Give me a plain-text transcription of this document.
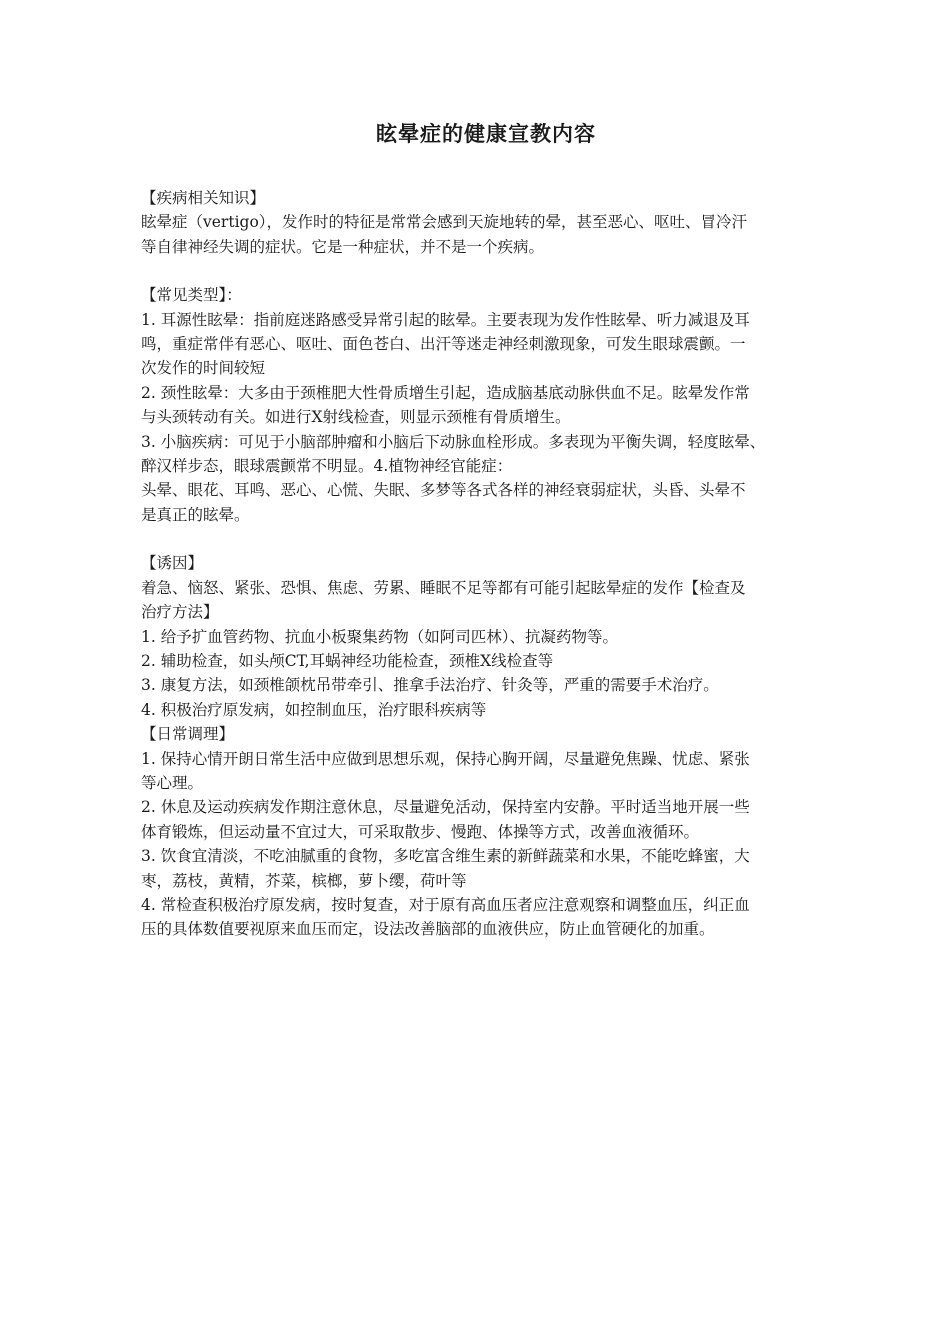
眩晕症的健康宣教内容

【疾病相关知识】

眩晕症（vertigo），发作时的特征是常常会感到天旋地转的晕，甚至恶心、呕吐、冒冷汗

等自律神经失调的症状。它是一种症状，并不是一个疾病。

【常见类型】：

1. 耳源性眩晕：指前庭迷路感受异常引起的眩晕。主要表现为发作性眩晕、听力减退及耳

鸣，重症常伴有恶心、呕吐、面色苍白、出汗等迷走神经刺激现象，可发生眼球震颤。一

次发作的时间较短

2. 颈性眩晕：大多由于颈椎肥大性骨质增生引起，造成脑基底动脉供血不足。眩晕发作常

与头颈转动有关。如进行X射线检查，则显示颈椎有骨质增生。

3. 小脑疾病：可见于小脑部肿瘤和小脑后下动脉血栓形成。多表现为平衡失调，轻度眩晕、

醉汉样步态，眼球震颤常不明显。4.植物神经官能症：

头晕、眼花、耳鸣、恶心、心慌、失眠、多梦等各式各样的神经衰弱症状，头昏、头晕不

是真正的眩晕。

【诱因】

着急、恼怒、紧张、恐惧、焦虑、劳累、睡眠不足等都有可能引起眩晕症的发作【检查及

治疗方法】

1. 给予扩血管药物、抗血小板聚集药物（如阿司匹林）、抗凝药物等。

2. 辅助检查，如头颅CT,耳蜗神经功能检查，颈椎X线检查等

3. 康复方法，如颈椎颌枕吊带牵引、推拿手法治疗、针灸等，严重的需要手术治疗。

4. 积极治疗原发病，如控制血压，治疗眼科疾病等

【日常调理】

1. 保持心情开朗日常生活中应做到思想乐观，保持心胸开阔，尽量避免焦躁、忧虑、紧张

等心理。

2. 休息及运动疾病发作期注意休息，尽量避免活动，保持室内安静。平时适当地开展一些

体育锻炼，但运动量不宜过大，可采取散步、慢跑、体操等方式，改善血液循环。

3. 饮食宜清淡，不吃油腻重的食物，多吃富含维生素的新鲜蔬菜和水果，不能吃蜂蜜，大

枣，荔枝，黄精，芥菜，槟榔，萝卜缨，荷叶等

4. 常检查积极治疗原发病，按时复查，对于原有高血压者应注意观察和调整血压，纠正血

压的具体数值要视原来血压而定，设法改善脑部的血液供应，防止血管硬化的加重。
